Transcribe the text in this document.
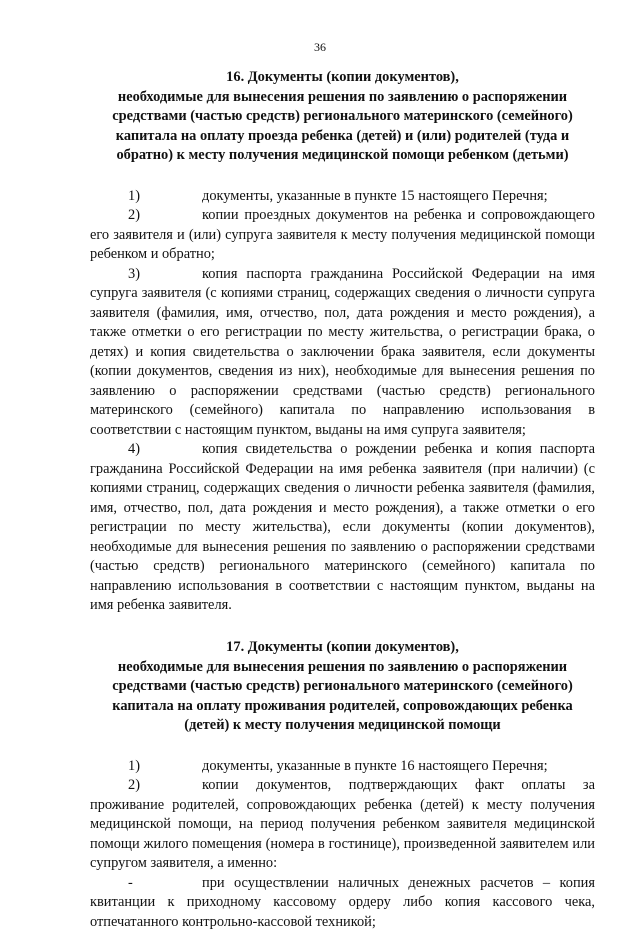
36
16. Документы (копии документов),
необходимые для вынесения решения по заявлению о распоряжении
средствами (частью средств) регионального материнского (семейного)
капитала на оплату проезда ребенка (детей) и (или) родителей (туда и
обратно) к месту получения медицинской помощи ребенком (детьми)

1)	документы, указанные в пункте 15 настоящего Перечня;

2)	копии проездных документов на ребенка и сопровождающего его заявителя и (или) супруга заявителя к месту получения медицинской помощи ребенком и обратно;

3)	копия паспорта гражданина Российской Федерации на имя супруга заявителя (с копиями страниц, содержащих сведения о личности супруга заявителя (фамилия, имя, отчество, пол, дата рождения и место рождения), а также отметки о его регистрации по месту жительства, о регистрации брака, о детях) и копия свидетельства о заключении брака заявителя, если документы (копии документов, сведения из них), необходимые для вынесения решения по заявлению о распоряжении средствами (частью средств) регионального материнского (семейного) капитала по направлению использования в соответствии с настоящим пунктом, выданы на имя супруга заявителя;

4)	копия свидетельства о рождении ребенка и копия паспорта гражданина Российской Федерации на имя ребенка заявителя (при наличии) (с копиями страниц, содержащих сведения о личности ребенка заявителя (фамилия, имя, отчество, пол, дата рождения и место рождения), а также отметки о его регистрации по месту жительства), если документы (копии документов), необходимые для вынесения решения по заявлению о распоряжении средствами (частью средств) регионального материнского (семейного) капитала по направлению использования в соответствии с настоящим пунктом, выданы на имя ребенка заявителя.

17. Документы (копии документов),
необходимые для вынесения решения по заявлению о распоряжении
средствами (частью средств) регионального материнского (семейного)
капитала на оплату проживания родителей, сопровождающих ребенка
(детей) к месту получения медицинской помощи

1)	документы, указанные в пункте 16 настоящего Перечня;

2)	копии документов, подтверждающих факт оплаты за проживание родителей, сопровождающих ребенка (детей) к месту получения медицинской помощи, на период получения ребенком заявителя медицинской помощи жилого помещения (номера в гостинице), произведенной заявителем или супругом заявителя, а именно:

-	при осуществлении наличных денежных расчетов – копия квитанции к приходному кассовому ордеру либо копия кассового чека, отпечатанного контрольно-кассовой техникой;
